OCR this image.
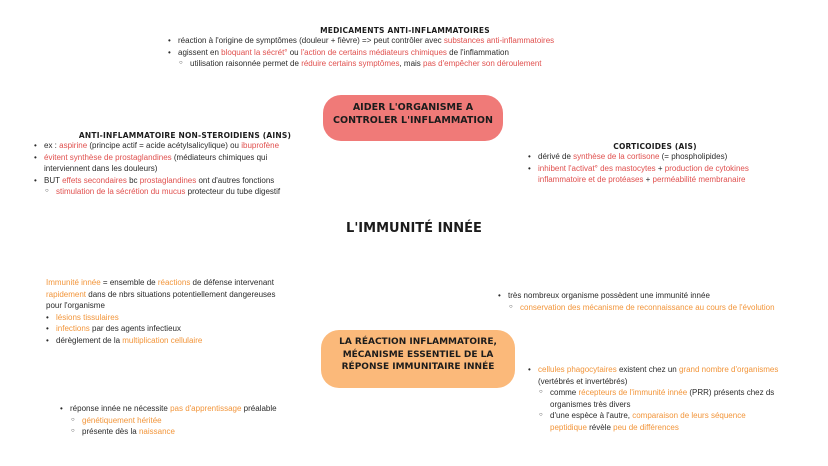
MEDICAMENTS ANTI-INFLAMMATOIRES
• réaction à l'origine de symptômes (douleur + fièvre) => peut contrôler avec substances anti-inflammatoires
• agissent en bloquant la sécrét° ou l'action de certains médiateurs chimiques de l'inflammation
○ utilisation raisonnée permet de réduire certains symptômes, mais pas d'empêcher son déroulement
AIDER L'ORGANISME A
CONTROLER L'INFLAMMATION
ANTI-INFLAMMATOIRE NON-STEROIDIENS (AINS)
• ex : aspirine (principe actif = acide acétylsalicylique) ou ibuprofène
• évitent synthèse de prostaglandines (médiateurs chimiques qui
interviennent dans les douleurs)
• BUT effets secondaires bc prostaglandines ont d'autres fonctions
○ stimulation de la sécrétion du mucus protecteur du tube digestif
CORTICOIDES (AIS)
• dérivé de synthèse de la cortisone (= phospholipides)
• inhibent l'activat° des mastocytes + production de cytokines
inflammatoire et de protéases + perméabilité membranaire
L'IMMUNITÉ INNÉE
Immunité innée = ensemble de réactions de défense intervenant
rapidement dans de nbrs situations potentiellement dangereuses
pour l'organisme
• lésions tissulaires
• infections par des agents infectieux
• dérèglement de la multiplication cellulaire
• très nombreux organisme possèdent une immunité innée
○ conservation des mécanisme de reconnaissance au cours de l'évolution
LA RÉACTION INFLAMMATOIRE,
MÉCANISME ESSENTIEL DE LA
RÉPONSE IMMUNITAIRE INNÉE
•	cellules phagocytaires existent chez un grand nombre d'organismes
(vertébrés et invertébrés)
○ comme récepteurs de l'immunité innée (PRR) présents chez ds
organismes très divers
○ d'une espèce à l'autre, comparaison de leurs séquence
peptidique révèle peu de différences
• réponse innée ne nécessite pas d'apprentissage préalable
○ génétiquement héritée
○ présente dès la naissance
